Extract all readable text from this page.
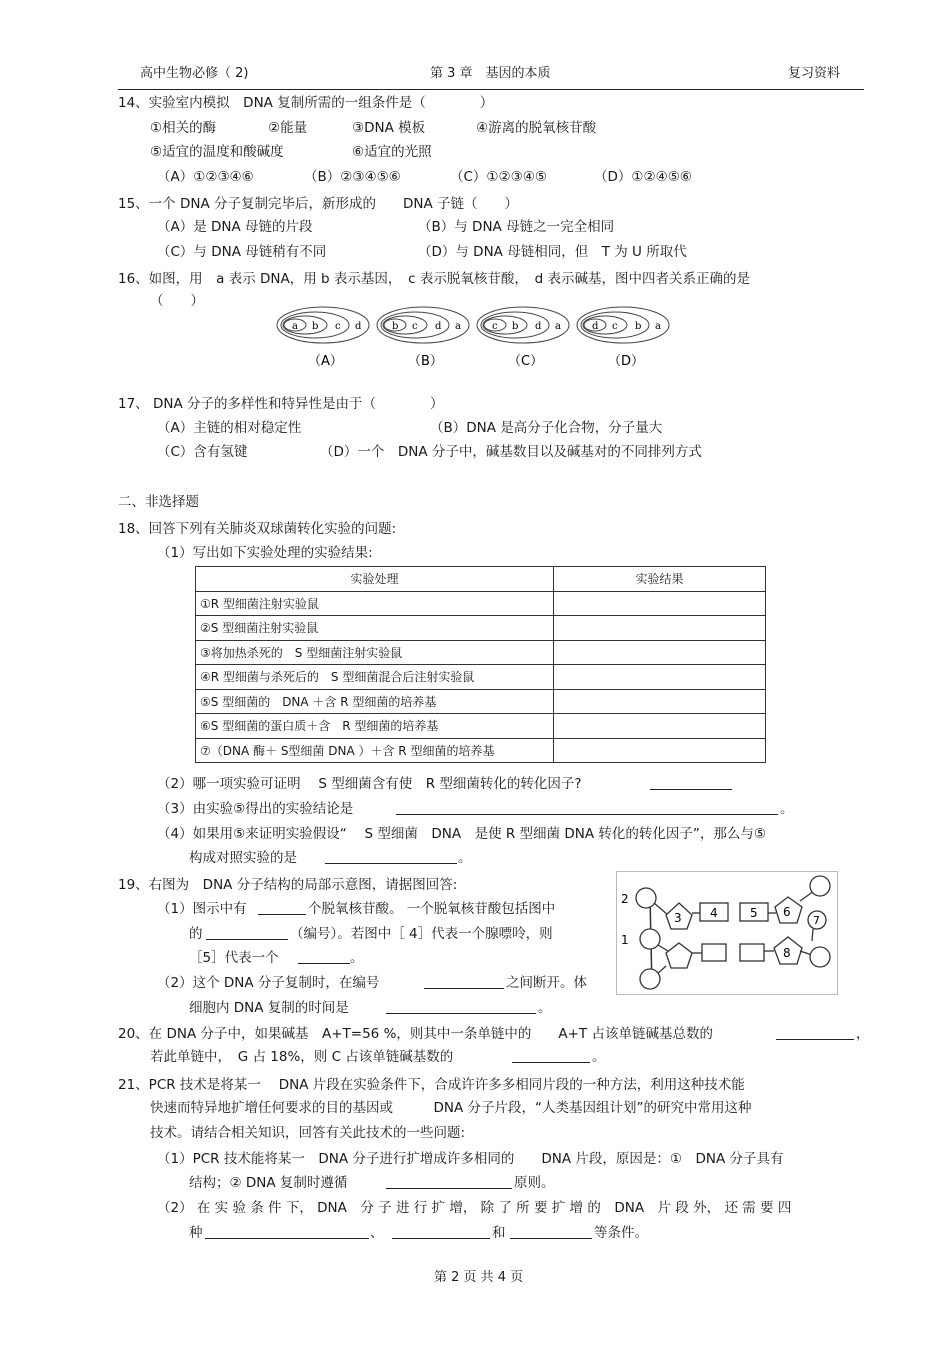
高中生物必修（ 2)	第 3 章　基因的本质	复习资料
14、实验室内模拟　DNA 复制所需的一组条件是（　　　　）
①相关的酶	②能量	③DNA 模板	④游离的脱氧核苷酸
⑤适宜的温度和酸碱度	⑥适宜的光照
（A）①②③④⑥	（B）②③④⑤⑥	（C）①②③④⑤	（D）①②④⑤⑥
15、一个 DNA 分子复制完毕后，新形成的　　DNA 子链（　　）
（A）是 DNA 母链的片段	（B）与 DNA 母链之一完全相同
（C）与 DNA 母链稍有不同	（D）与 DNA 母链相同，但　T 为 U 所取代
16、如图，用　a 表示 DNA，用 b 表示基因，　c 表示脱氧核苷酸，　d 表示碱基，图中四者关系正确的是
（　　）
a b c d
（A）
b c d a
（B）
c b d a
（C）
d c b a
（D）
17、 DNA 分子的多样性和特异性是由于（　　　　）
（A）主链的相对稳定性	（B）DNA 是高分子化合物，分子量大
（C）含有氢键	（D）一个　DNA 分子中，碱基数目以及碱基对的不同排列方式
二、非选择题
18、回答下列有关肺炎双球菌转化实验的问题:
（1）写出如下实验处理的实验结果:
实验处理	实验结果
①R 型细菌注射实验鼠	
②S 型细菌注射实验鼠	
③将加热杀死的　S 型细菌注射实验鼠	
④R 型细菌与杀死后的　S 型细菌混合后注射实验鼠	
⑤S 型细菌的　DNA ＋含 R 型细菌的培养基	
⑥S 型细菌的蛋白质＋含　R 型细菌的培养基	
⑦（DNA 酶＋ S型细菌 DNA ）＋含 R 型细菌的培养基	
（2）哪一项实验可证明　 S 型细菌含有使　R 型细菌转化的转化因子?
（3）由实验⑤得出的实验结论是	。
（4）如果用⑤来证明实验假设“　 S 型细菌　DNA　是使 R 型细菌 DNA 转化的转化因子”，那么与⑤
构成对照实验的是	。
19、右图为　DNA 分子结构的局部示意图，请据图回答:
（1）图示中有	个脱氧核苷酸。 一个脱氧核苷酸包括图中
的	（编号）。若图中［ 4］代表一个腺嘌呤，则
［5］代表一个	。
（2）这个 DNA 分子复制时，在编号	之间断开。体
细胞内 DNA 复制的时间是	。
3 4	5 6
7
2
1
8
20、在 DNA 分子中，如果碱基　A+T=56 %，则其中一条单链中的　　A+T 占该单链碱基总数的	，
若此单链中，　G 占 18%，则 C 占该单链碱基数的	。
21、PCR 技术是将某一　 DNA 片段在实验条件下，合成许许多多相同片段的一种方法，利用这种技术能
快速而特异地扩增任何要求的目的基因或　　　DNA 分子片段，“人类基因组计划”的研究中常用这种
技术。请结合相关知识，回答有关此技术的一些问题:
（1）PCR 技术能将某一　DNA 分子进行扩增成许多相同的　　DNA 片段，原因是：①　DNA 分子具有
结构；② DNA 复制时遵循	原则。
（2） 在 实 验 条 件 下， DNA　分 子 进 行 扩 增， 除 了 所 要 扩 增 的　DNA　片 段 外， 还 需 要 四
种	、	和	等条件。
第 2 页 共 4 页
